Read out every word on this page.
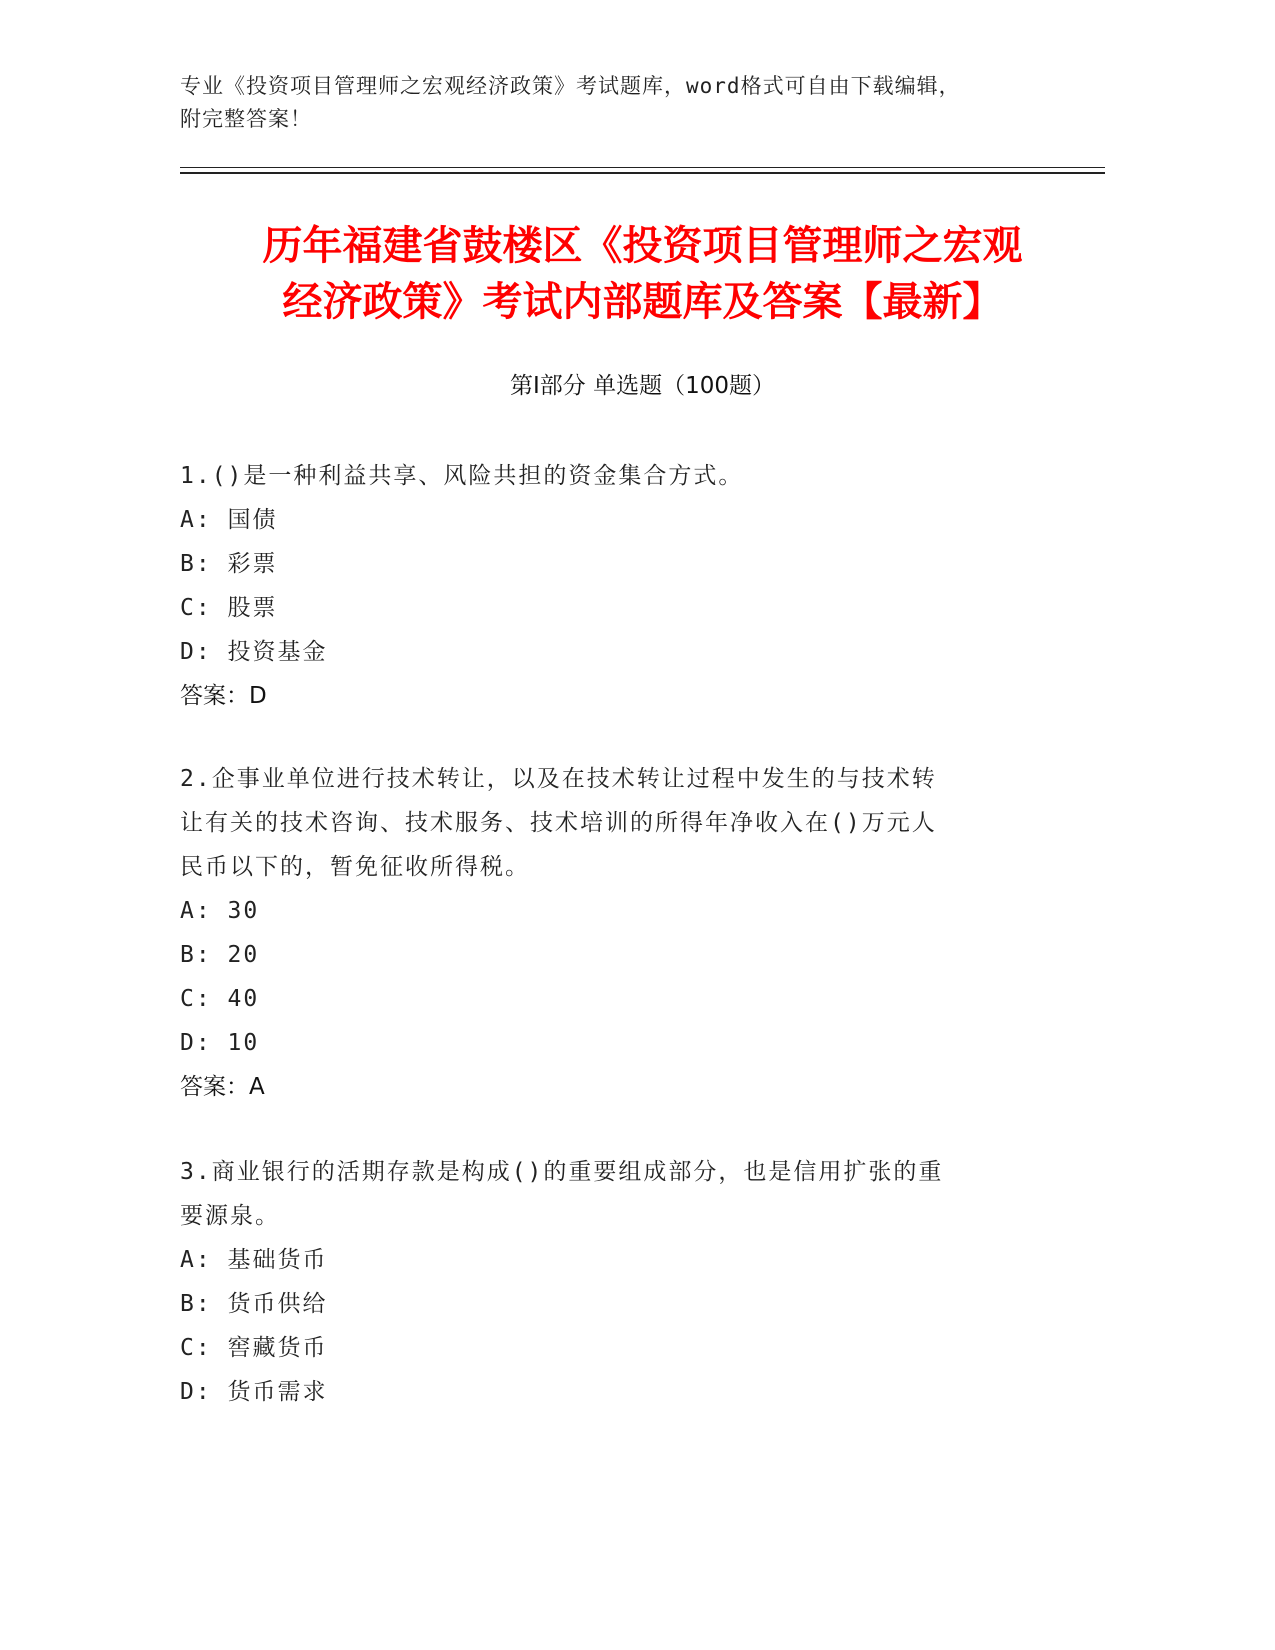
专业《投资项目管理师之宏观经济政策》考试题库，word格式可自由下载编辑，
附完整答案！
历年福建省鼓楼区《投资项目管理师之宏观
经济政策》考试内部题库及答案【最新】
第I部分 单选题（100题）
1.()是一种利益共享、风险共担的资金集合方式。
A: 国债
B: 彩票
C: 股票
D: 投资基金
答案：D
2.企事业单位进行技术转让，以及在技术转让过程中发生的与技术转
让有关的技术咨询、技术服务、技术培训的所得年净收入在()万元人
民币以下的，暂免征收所得税。
A: 30
B: 20
C: 40
D: 10
答案：A
3.商业银行的活期存款是构成()的重要组成部分，也是信用扩张的重
要源泉。
A: 基础货币
B: 货币供给
C: 窖藏货币
D: 货币需求
